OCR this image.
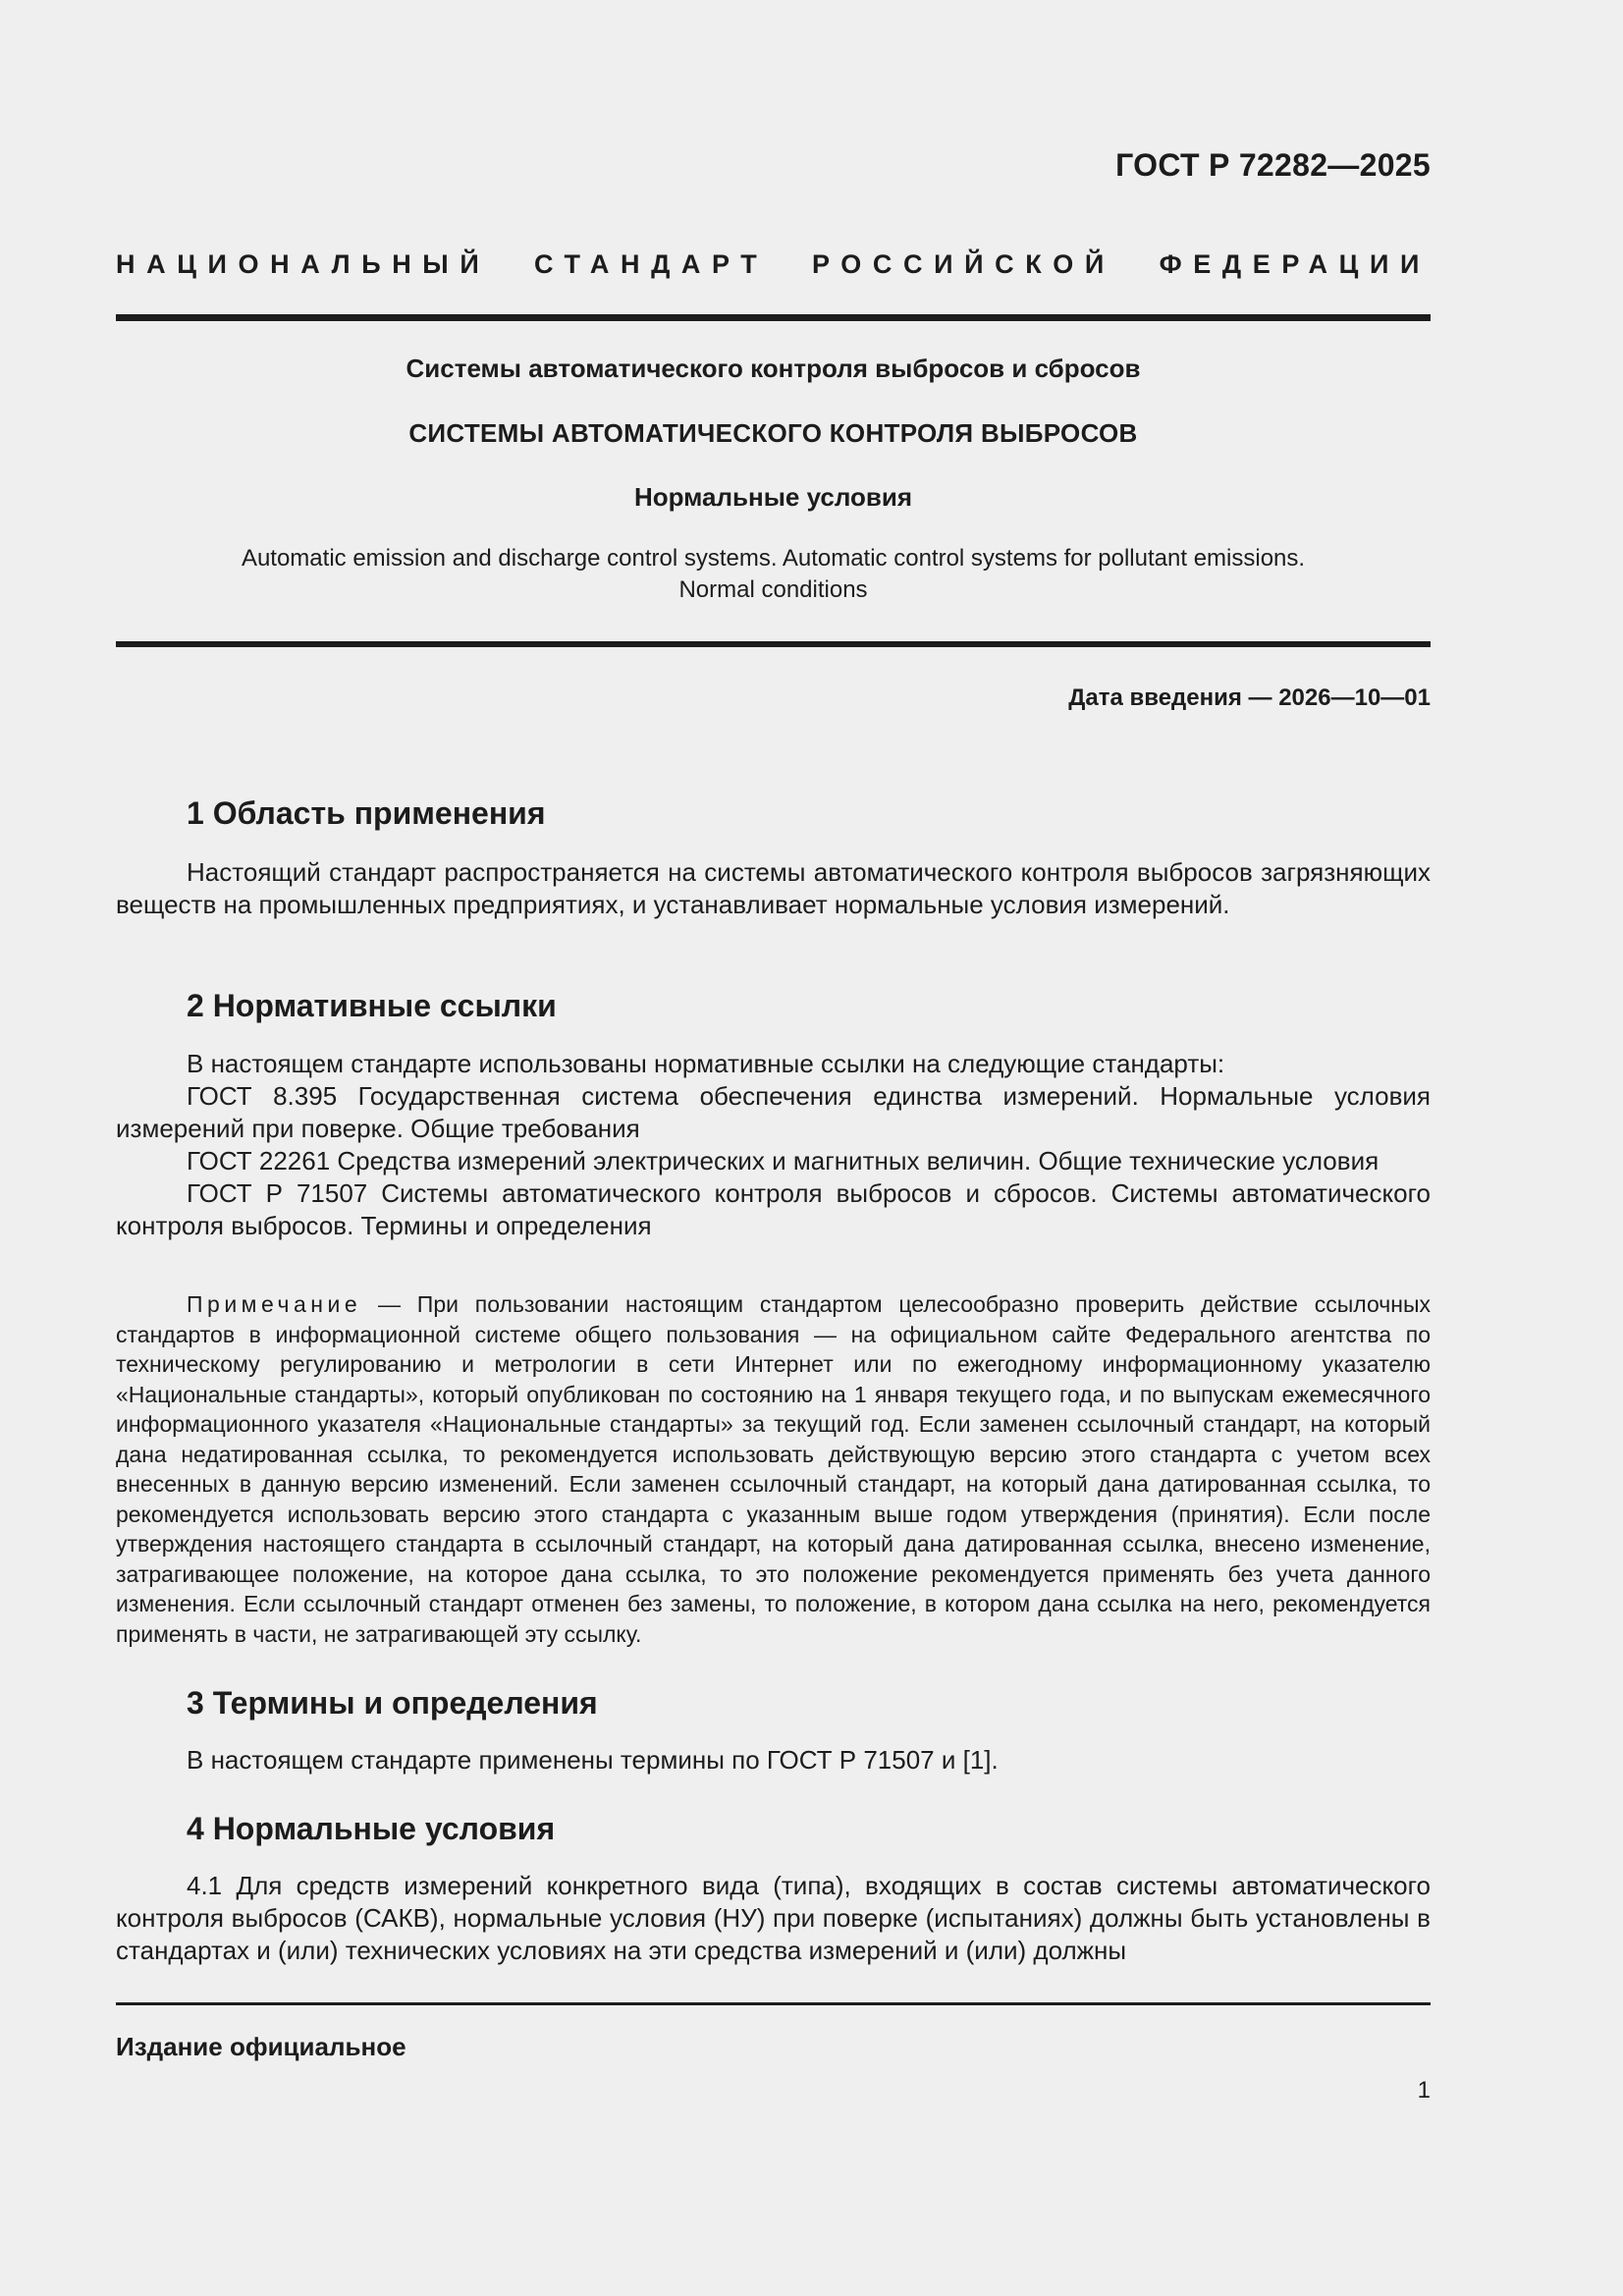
ГОСТ Р 72282—2025
НАЦИОНАЛЬНЫЙ СТАНДАРТ РОССИЙСКОЙ ФЕДЕРАЦИИ
Системы автоматического контроля выбросов и сбросов
СИСТЕМЫ АВТОМАТИЧЕСКОГО КОНТРОЛЯ ВЫБРОСОВ
Нормальные условия
Automatic emission and discharge control systems. Automatic control systems for pollutant emissions.
Normal conditions
Дата введения — 2026—10—01
1 Область применения

Настоящий стандарт распространяется на системы автоматического контроля выбросов загрязняющих веществ на промышленных предприятиях, и устанавливает нормальные условия измерений.

2 Нормативные ссылки

В настоящем стандарте использованы нормативные ссылки на следующие стандарты:

ГОСТ 8.395 Государственная система обеспечения единства измерений. Нормальные условия измерений при поверке. Общие требования

ГОСТ 22261 Средства измерений электрических и магнитных величин. Общие технические условия

ГОСТ Р 71507 Системы автоматического контроля выбросов и сбросов. Системы автоматического контроля выбросов. Термины и определения

Примечание — При пользовании настоящим стандартом целесообразно проверить действие ссылочных стандартов в информационной системе общего пользования — на официальном сайте Федерального агентства по техническому регулированию и метрологии в сети Интернет или по ежегодному информационному указателю «Национальные стандарты», который опубликован по состоянию на 1 января текущего года, и по выпускам ежемесячного информационного указателя «Национальные стандарты» за текущий год. Если заменен ссылочный стандарт, на который дана недатированная ссылка, то рекомендуется использовать действующую версию этого стандарта с учетом всех внесенных в данную версию изменений. Если заменен ссылочный стандарт, на который дана датированная ссылка, то рекомендуется использовать версию этого стандарта с указанным выше годом утверждения (принятия). Если после утверждения настоящего стандарта в ссылочный стандарт, на который дана датированная ссылка, внесено изменение, затрагивающее положение, на которое дана ссылка, то это положение рекомендуется применять без учета данного изменения. Если ссылочный стандарт отменен без замены, то положение, в котором дана ссылка на него, рекомендуется применять в части, не затрагивающей эту ссылку.

3 Термины и определения

В настоящем стандарте применены термины по ГОСТ Р 71507 и [1].

4 Нормальные условия

4.1 Для средств измерений конкретного вида (типа), входящих в состав системы автоматического контроля выбросов (САКВ), нормальные условия (НУ) при поверке (испытаниях) должны быть установлены в стандартах и (или) технических условиях на эти средства измерений и (или) должны

Издание официальное
1
